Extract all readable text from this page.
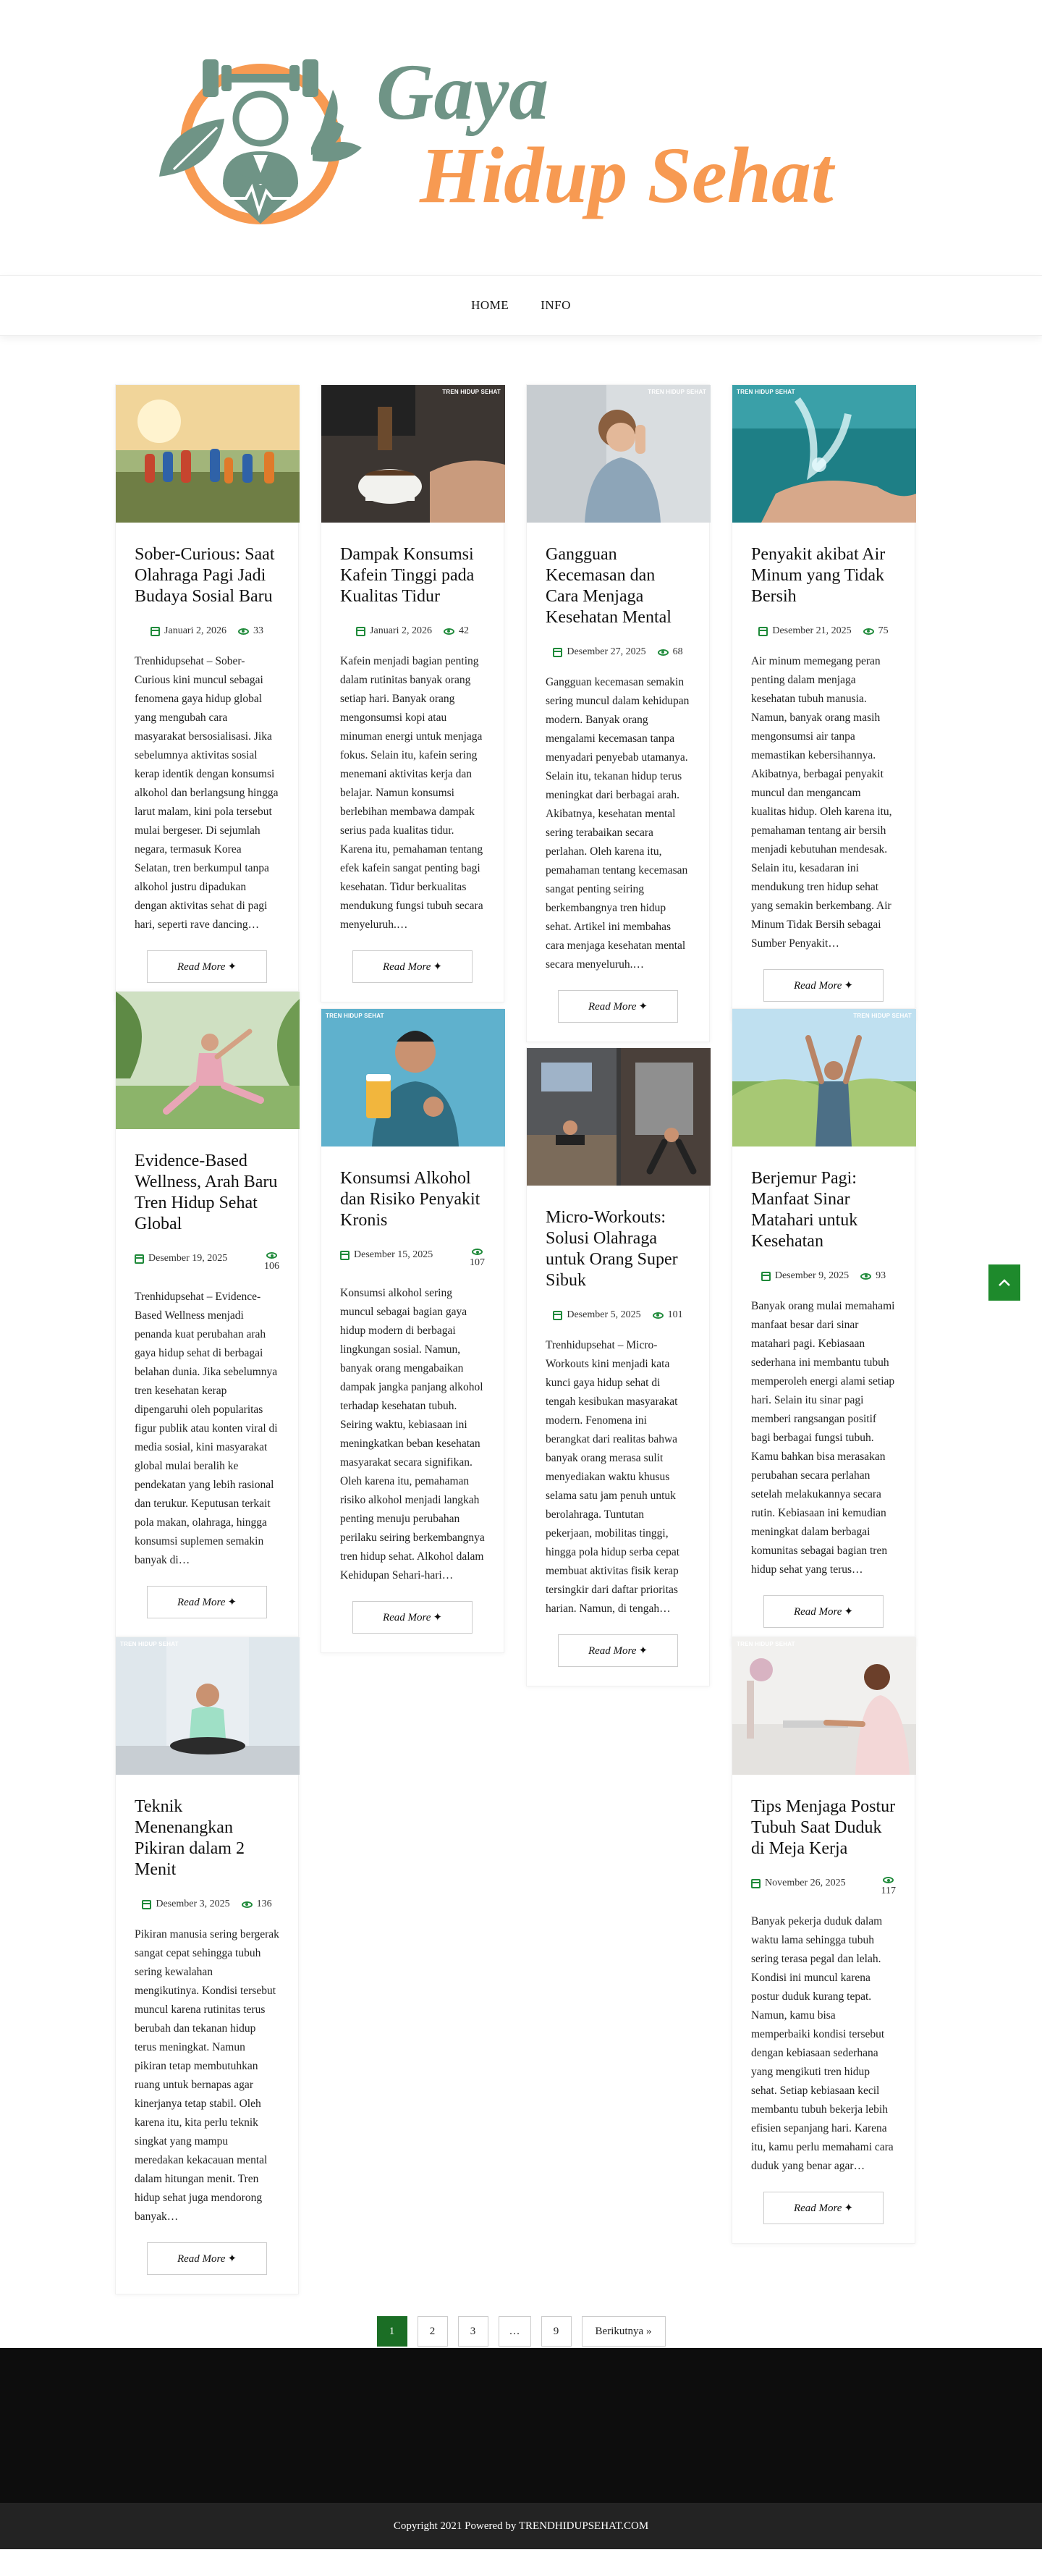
Gaya
Hidup Sehat
HOME	INFO
Sober-Curious: Saat Olahraga Pagi Jadi Budaya Sosial Baru
Januari 2, 2026	33

Trenhidupsehat – Sober-Curious kini muncul sebagai fenomena gaya hidup global yang mengubah cara masyarakat bersosialisasi. Jika sebelumnya aktivitas sosial kerap identik dengan konsumsi alkohol dan berlangsung hingga larut malam, kini pola tersebut mulai bergeser. Di sejumlah negara, termasuk Korea Selatan, tren berkumpul tanpa alkohol justru dipadukan dengan aktivitas sehat di pagi hari, seperti rave dancing…

Read More ✦
TREN HIDUP SEHAT
Dampak Konsumsi Kafein Tinggi pada Kualitas Tidur
Januari 2, 2026	42

Kafein menjadi bagian penting dalam rutinitas banyak orang setiap hari. Banyak orang mengonsumsi kopi atau minuman energi untuk menjaga fokus. Selain itu, kafein sering menemani aktivitas kerja dan belajar. Namun konsumsi berlebihan membawa dampak serius pada kualitas tidur. Karena itu, pemahaman tentang efek kafein sangat penting bagi kesehatan. Tidur berkualitas mendukung fungsi tubuh secara menyeluruh.…

Read More ✦
TREN HIDUP SEHAT
Gangguan Kecemasan dan Cara Menjaga Kesehatan Mental
Desember 27, 2025	68

Gangguan kecemasan semakin sering muncul dalam kehidupan modern. Banyak orang mengalami kecemasan tanpa menyadari penyebab utamanya. Selain itu, tekanan hidup terus meningkat dari berbagai arah. Akibatnya, kesehatan mental sering terabaikan secara perlahan. Oleh karena itu, pemahaman tentang kecemasan sangat penting seiring berkembangnya tren hidup sehat. Artikel ini membahas cara menjaga kesehatan mental secara menyeluruh.…

Read More ✦
TREN HIDUP SEHAT
Penyakit akibat Air Minum yang Tidak Bersih
Desember 21, 2025	75

Air minum memegang peran penting dalam menjaga kesehatan tubuh manusia. Namun, banyak orang masih mengonsumsi air tanpa memastikan kebersihannya. Akibatnya, berbagai penyakit muncul dan mengancam kualitas hidup. Oleh karena itu, pemahaman tentang air bersih menjadi kebutuhan mendesak. Selain itu, kesadaran ini mendukung tren hidup sehat yang semakin berkembang. Air Minum Tidak Bersih sebagai Sumber Penyakit…

Read More ✦
Evidence-Based Wellness, Arah Baru Tren Hidup Sehat Global
Desember 19, 2025
106

Trenhidupsehat – Evidence-Based Wellness menjadi penanda kuat perubahan arah gaya hidup sehat di berbagai belahan dunia. Jika sebelumnya tren kesehatan kerap dipengaruhi oleh popularitas figur publik atau konten viral di media sosial, kini masyarakat global mulai beralih ke pendekatan yang lebih rasional dan terukur. Keputusan terkait pola makan, olahraga, hingga konsumsi suplemen semakin banyak di…

Read More ✦
TREN HIDUP SEHAT
Konsumsi Alkohol dan Risiko Penyakit Kronis
Desember 15, 2025
107

Konsumsi alkohol sering muncul sebagai bagian gaya hidup modern di berbagai lingkungan sosial. Namun, banyak orang mengabaikan dampak jangka panjang alkohol terhadap kesehatan tubuh. Seiring waktu, kebiasaan ini meningkatkan beban kesehatan masyarakat secara signifikan. Oleh karena itu, pemahaman risiko alkohol menjadi langkah penting menuju perubahan perilaku seiring berkembangnya tren hidup sehat. Alkohol dalam Kehidupan Sehari-hari…

Read More ✦
Micro-Workouts: Solusi Olahraga untuk Orang Super Sibuk
Desember 5, 2025	101

Trenhidupsehat – Micro-Workouts kini menjadi kata kunci gaya hidup sehat di tengah kesibukan masyarakat modern. Fenomena ini berangkat dari realitas bahwa banyak orang merasa sulit menyediakan waktu khusus selama satu jam penuh untuk berolahraga. Tuntutan pekerjaan, mobilitas tinggi, hingga pola hidup serba cepat membuat aktivitas fisik kerap tersingkir dari daftar prioritas harian. Namun, di tengah…

Read More ✦
TREN HIDUP SEHAT
Berjemur Pagi: Manfaat Sinar Matahari untuk Kesehatan
Desember 9, 2025	93

Banyak orang mulai memahami manfaat besar dari sinar matahari pagi. Kebiasaan sederhana ini membantu tubuh memperoleh energi alami setiap hari. Selain itu sinar pagi memberi rangsangan positif bagi berbagai fungsi tubuh. Kamu bahkan bisa merasakan perubahan secara perlahan setelah melakukannya secara rutin. Kebiasaan ini kemudian meningkat dalam berbagai komunitas sebagai bagian tren hidup sehat yang terus…

Read More ✦
TREN HIDUP SEHAT
Teknik Menenangkan Pikiran dalam 2 Menit
Desember 3, 2025	136

Pikiran manusia sering bergerak sangat cepat sehingga tubuh sering kewalahan mengikutinya. Kondisi tersebut muncul karena rutinitas terus berubah dan tekanan hidup terus meningkat. Namun pikiran tetap membutuhkan ruang untuk bernapas agar kinerjanya tetap stabil. Oleh karena itu, kita perlu teknik singkat yang mampu meredakan kekacauan mental dalam hitungan menit. Tren hidup sehat juga mendorong banyak…

Read More ✦
TREN HIDUP SEHAT
Tips Menjaga Postur Tubuh Saat Duduk di Meja Kerja
November 26, 2025
117

Banyak pekerja duduk dalam waktu lama sehingga tubuh sering terasa pegal dan lelah. Kondisi ini muncul karena postur duduk kurang tepat. Namun, kamu bisa memperbaiki kondisi tersebut dengan kebiasaan sederhana yang mengikuti tren hidup sehat. Setiap kebiasaan kecil membantu tubuh bekerja lebih efisien sepanjang hari. Karena itu, kamu perlu memahami cara duduk yang benar agar…

Read More ✦
1	2	3	…	9	Berikutnya »
Copyright 2021 Powered by TRENDHIDUPSEHAT.COM
